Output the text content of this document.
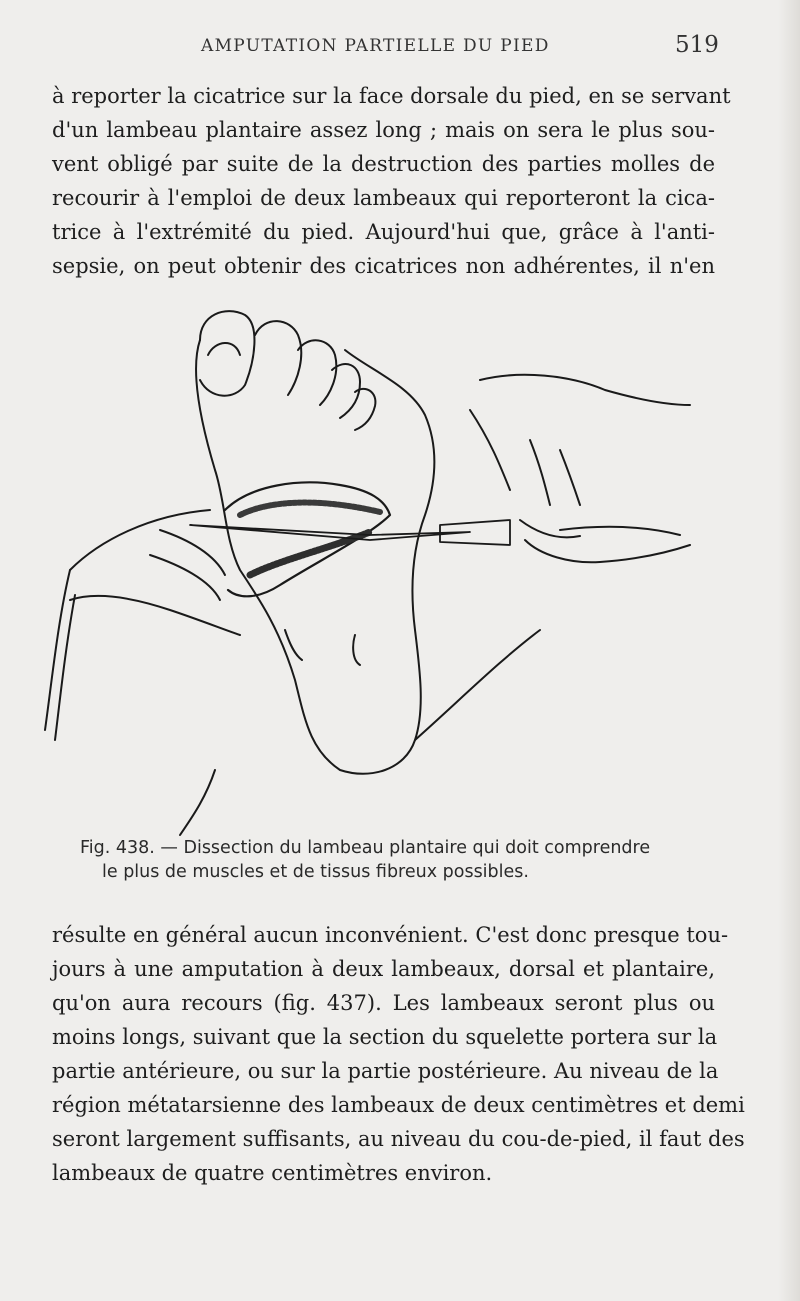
AMPUTATION PARTIELLE DU PIED	519

à reporter la cicatrice sur la face dorsale du pied, en se servant
d'un lambeau plantaire assez long ; mais on sera le plus sou-
vent obligé par suite de la destruction des parties molles de
recourir à l'emploi de deux lambeaux qui reporteront la cica-
trice à l'extrémité du pied. Aujourd'hui que, grâce à l'anti-
sepsie, on peut obtenir des cicatrices non adhérentes, il n'en

Fig. 438. — Dissection du lambeau plantaire qui doit comprendre
le plus de muscles et de tissus fibreux possibles.

résulte en général aucun inconvénient. C'est donc presque tou-
jours à une amputation à deux lambeaux, dorsal et plantaire,
qu'on aura recours (fig. 437). Les lambeaux seront plus ou
moins longs, suivant que la section du squelette portera sur la
partie antérieure, ou sur la partie postérieure. Au niveau de la
région métatarsienne des lambeaux de deux centimètres et demi
seront largement suffisants, au niveau du cou-de-pied, il faut des
lambeaux de quatre centimètres environ.
